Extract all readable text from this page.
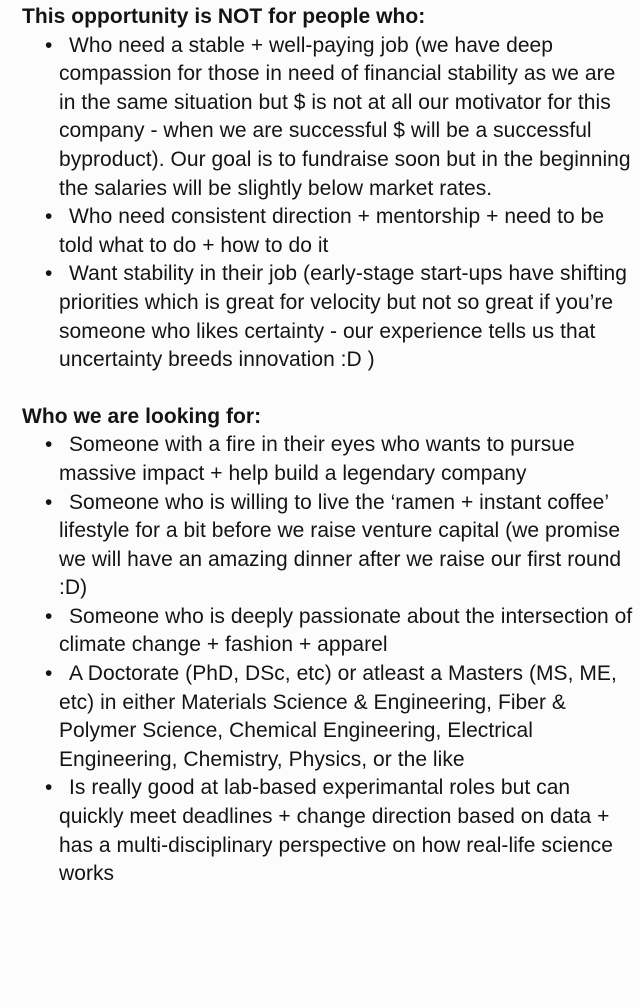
This opportunity is NOT for people who:
• Who need a stable + well-paying job (we have deep compassion for those in need of financial stability as we are in the same situation but $ is not at all our motivator for this company - when we are successful $ will be a successful byproduct). Our goal is to fundraise soon but in the beginning the salaries will be slightly below market rates.
• Who need consistent direction + mentorship + need to be told what to do + how to do it
• Want stability in their job (early-stage start-ups have shifting priorities which is great for velocity but not so great if you’re someone who likes certainty - our experience tells us that uncertainty breeds innovation :D )
Who we are looking for:
• Someone with a fire in their eyes who wants to pursue massive impact + help build a legendary company
• Someone who is willing to live the ‘ramen + instant coffee’ lifestyle for a bit before we raise venture capital (we promise we will have an amazing dinner after we raise our first round :D)
• Someone who is deeply passionate about the intersection of climate change + fashion + apparel
• A Doctorate (PhD, DSc, etc) or atleast a Masters (MS, ME, etc) in either Materials Science & Engineering, Fiber & Polymer Science, Chemical Engineering, Electrical Engineering, Chemistry, Physics, or the like
• Is really good at lab-based experimantal roles but can quickly meet deadlines + change direction based on data + has a multi-disciplinary perspective on how real-life science works
